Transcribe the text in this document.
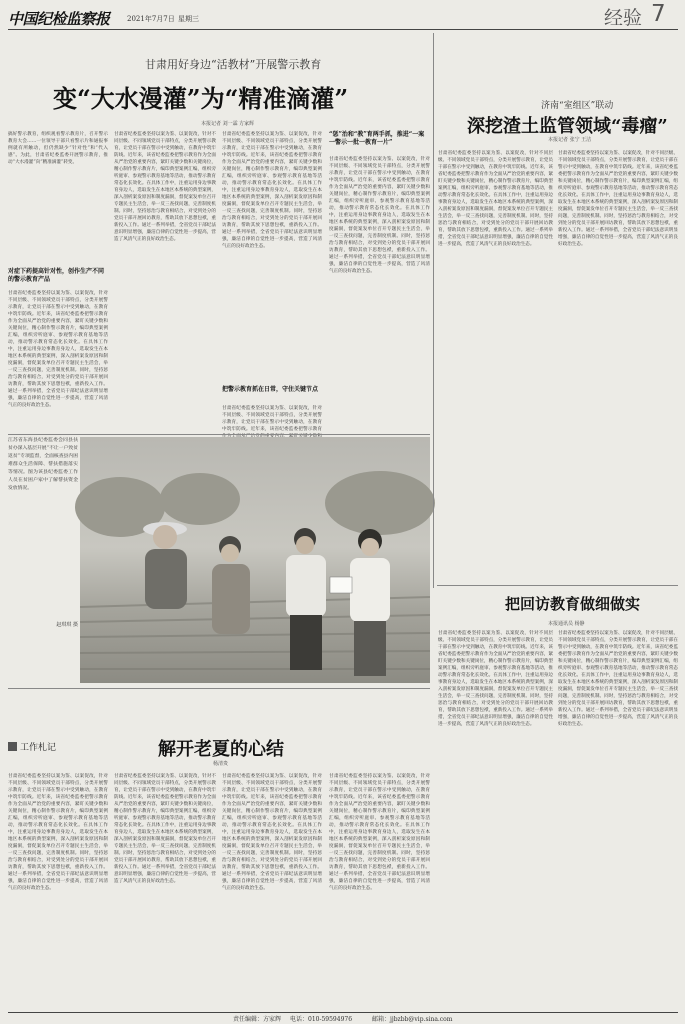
中国纪检监察报 2021年7月7日 星期三	经验 7
甘肃用好身边“活教材”开展警示教育
变“大水漫灌”为“精准滴灌”
本报记者 刘一霖 方家辉
搞好警示教育，组织观看警示教育片，召开警示教育大会……一位领导干部只看警示片和通报事例就有所触动，但仍然缺少“针对性”和“代入感”。为此，甘肃省纪委监委开展警示教育，推动“大水漫灌”向“精准滴灌”转变。
对症下药提高针对性，创作生产不同的警示教育产品
甘肃省纪委监委坚持以案为鉴、以案促改，针对不同层级、不同领域党员干部特点，分类开展警示教育，让党员干部在警示中受到触动，在教育中筑牢防线。近年来，该省纪委监委把警示教育作为全面从严治党的重要内容，紧盯关键少数和关键岗位，精心制作警示教育片，编印典型案例汇编，组织旁听庭审、参观警示教育基地等活动，推动警示教育常态化长效化。在具体工作中，注重运用身边事教育身边人，选取发生在本地区本系统的典型案例，深入剖析案发原因和制度漏洞，督促案发单位召开专题民主生活会，举一反三查找问题，完善制度机制。同时，坚持惩治与教育相结合，对受到处分的党员干部开展回访教育，帮助其放下思想包袱，重新投入工作。通过一系列举措，全省党员干部纪法意识明显增强，廉洁自律的自觉性进一步提高，营造了风清气正的良好政治生态。
甘肃省纪委监委坚持以案为鉴、以案促改，针对不同层级、不同领域党员干部特点，分类开展警示教育，让党员干部在警示中受到触动，在教育中筑牢防线。近年来，该省纪委监委把警示教育作为全面从严治党的重要内容，紧盯关键少数和关键岗位，精心制作警示教育片，编印典型案例汇编，组织旁听庭审、参观警示教育基地等活动，推动警示教育常态化长效化。在具体工作中，注重运用身边事教育身边人，选取发生在本地区本系统的典型案例，深入剖析案发原因和制度漏洞，督促案发单位召开专题民主生活会，举一反三查找问题，完善制度机制。同时，坚持惩治与教育相结合，对受到处分的党员干部开展回访教育，帮助其放下思想包袱，重新投入工作。通过一系列举措，全省党员干部纪法意识明显增强，廉洁自律的自觉性进一步提高，营造了风清气正的良好政治生态。
甘肃省纪委监委坚持以案为鉴、以案促改，针对不同层级、不同领域党员干部特点，分类开展警示教育，让党员干部在警示中受到触动，在教育中筑牢防线。近年来，该省纪委监委把警示教育作为全面从严治党的重要内容，紧盯关键少数和关键岗位，精心制作警示教育片，编印典型案例汇编，组织旁听庭审、参观警示教育基地等活动，推动警示教育常态化长效化。在具体工作中，注重运用身边事教育身边人，选取发生在本地区本系统的典型案例，深入剖析案发原因和制度漏洞，督促案发单位召开专题民主生活会，举一反三查找问题，完善制度机制。同时，坚持惩治与教育相结合，对受到处分的党员干部开展回访教育，帮助其放下思想包袱，重新投入工作。通过一系列举措，全省党员干部纪法意识明显增强，廉洁自律的自觉性进一步提高，营造了风清气正的良好政治生态。
把警示教育抓在日常，守住关键节点
甘肃省纪委监委坚持以案为鉴、以案促改，针对不同层级、不同领域党员干部特点，分类开展警示教育，让党员干部在警示中受到触动，在教育中筑牢防线。近年来，该省纪委监委把警示教育
“惩”治和“教”育两手抓，推进“一案一警示一批一教育一片”
甘肃省纪委监委坚持以案为鉴、以案促改，针对不同层级、不同领域党员干部特点，分类开展警示教育，让党员干部在警示中受到触动，在教育中筑牢防线。近年来，该省纪委监委把警示教育作为全面从严治党的重要内容，紧盯关键少数和关键岗位，精心制作警示教育片，编印典型案例汇编，组织旁听庭审、参观警示教育基地等活动，推动警示教育常态化长效化。在具体工作中，注重运用身边事教育身边人，选取发生在本地区本系统的典型案例，深入剖析案发原因和制度漏洞，督促案发单位召开专题民主生活会，举一反三查找问题，完善制度机制。同时，坚持惩治与教育相结合，对受到处分的党员干部开展回访教育，帮助其放下思想包袱，重新投入工作。通过一系列举措，全省党员干部纪法意识明显增强，廉洁自律的自觉性进一步提高，营造了风清气正的良好政治生态。
江苏省东海县纪委监委会同县扶贫办深入基层开展“不让一户致贫返贫”专项监督，全面核查县内困难群众生活保障、帮扶措施落实等情况。图为该县纪委监委工作人员在贫困户家中了解帮扶资金发放情况。
赵琪琪 摄
济南“室组区”联动
深挖渣土监管领域“毒瘤”
本报记者 张宁 王洁
甘肃省纪委监委坚持以案为鉴、以案促改，针对不同层级、不同领域党员干部特点，分类开展警示教育，让党员干部在警示中受到触动，在教育中筑牢防线。近年来，该省纪委监委把警示教育作为全面从严治党的重要内容，紧盯关键少数和关键岗位，精心制作警示教育片，编印典型案例汇编，组织旁听庭审、参观警示教育基地等活动，推动警示教育常态化长效化。在具体工作中，注重运用身边事教育身边人，选取发生在本地区本系统的典型案例，深入剖析案发原因和制度漏洞，督促案发单位召开专题民主生活会，举一反三查找问题，完善制度机制。同时，坚持惩治与教育相结合，对受到处分的党员干部开展回访教育，帮助其放下思想包袱，重新投入工作。通过一系列举措，全省党员干部纪法意识明显增强，廉洁自律的自觉性进一步提高，营造了风清气正的良好政治生态。
甘肃省纪委监委坚持以案为鉴、以案促改，针对不同层级、不同领域党员干部特点，分类开展警示教育，让党员干部在警示中受到触动，在教育中筑牢防线。近年来，该省纪委监委把警示教育作为全面从严治党的重要内容，紧盯关键少数和关键岗位，精心制作警示教育片，编印典型案例汇编，组织旁听庭审、参观警示教育基地等活动，推动警示教育常态化长效化。在具体工作中，注重运用身边事教育身边人，选取发生在本地区本系统的典型案例，深入剖析案发原因和制度漏洞，督促案发单位召开专题民主生活会，举一反三查找问题，完善制度机制。同时，坚持惩治与教育相结合，对受到处分的党员干部开展回访教育，帮助其放下思想包袱，重新投入工作。通过一系列举措，全省党员干部纪法意识明显增强，廉洁自律的自觉性进一步提高，营造了风清气正的良好政治生态。
把回访教育做细做实
本报通讯员 杨静
甘肃省纪委监委坚持以案为鉴、以案促改，针对不同层级、不同领域党员干部特点，分类开展警示教育，让党员干部在警示中受到触动，在教育中筑牢防线。近年来，该省纪委监委把警示教育作为全面从严治党的重要内容，紧盯关键少数和关键岗位，精心制作警示教育片，编印典型案例汇编，组织旁听庭审、参观警示教育基地等活动，推动警示教育常态化长效化。在具体工作中，注重运用身边事教育身边人，选取发生在本地区本系统的典型案例，深入剖析案发原因和制度漏洞，督促案发单位召开专题民主生活会，举一反三查找问题，完善制度机制。同时，坚持惩治与教育相结合，对受到处分的党员干部开展回访教育，帮助其放下思想包袱，重新投入工作。通过一系列举措，全省党员干部纪法意识明显增强，廉洁自律的自觉性进一步提高，营造了风清气正的良好政治生态。
甘肃省纪委监委坚持以案为鉴、以案促改，针对不同层级、不同领域党员干部特点，分类开展警示教育，让党员干部在警示中受到触动，在教育中筑牢防线。近年来，该省纪委监委把警示教育作为全面从严治党的重要内容，紧盯关键少数和关键岗位，精心制作警示教育片，编印典型案例汇编，组织旁听庭审、参观警示教育基地等活动，推动警示教育常态化长效化。在具体工作中，注重运用身边事教育身边人，选取发生在本地区本系统的典型案例，深入剖析案发原因和制度漏洞，督促案发单位召开专题民主生活会，举一反三查找问题，完善制度机制。同时，坚持惩治与教育相结合，对受到处分的党员干部开展回访教育，帮助其放下思想包袱，重新投入工作。通过一系列举措，全省党员干部纪法意识明显增强，廉洁自律的自觉性进一步提高，营造了风清气正的良好政治生态。
工作札记	解开老夏的心结
杨清贵
甘肃省纪委监委坚持以案为鉴、以案促改，针对不同层级、不同领域党员干部特点，分类开展警示教育，让党员干部在警示中受到触动，在教育中筑牢防线。近年来，该省纪委监委把警示教育作为全面从严治党的重要内容，紧盯关键少数和关键岗位，精心制作警示教育片，编印典型案例汇编，组织旁听庭审、参观警示教育基地等活动，推动警示教育常态化长效化。在具体工作中，注重运用身边事教育身边人，选取发生在本地区本系统的典型案例，深入剖析案发原因和制度漏洞，督促案发单位召开专题民主生活会，举一反三查找问题，完善制度机制。同时，坚持惩治与教育相结合，对受到处分的党员干部开展回访教育，帮助其放下思想包袱，重新投入工作。通过一系列举措，全省党员干部纪法意识明显增强，廉洁自律的自觉性进一步提高，营造了风清气正的良好政治生态。
甘肃省纪委监委坚持以案为鉴、以案促改，针对不同层级、不同领域党员干部特点，分类开展警示教育，让党员干部在警示中受到触动，在教育中筑牢防线。近年来，该省纪委监委把警示教育作为全面从严治党的重要内容，紧盯关键少数和关键岗位，精心制作警示教育片，编印典型案例汇编，组织旁听庭审、参观警示教育基地等活动，推动警示教育常态化长效化。在具体工作中，注重运用身边事教育身边人，选取发生在本地区本系统的典型案例，深入剖析案发原因和制度漏洞，督促案发单位召开专题民主生活会，举一反三查找问题，完善制度机制。同时，坚持惩治与教育相结合，对受到处分的党员干部开展回访教育，帮助其放下思想包袱，重新投入工作。通过一系列举措，全省党员干部纪法意识明显增强，廉洁自律的自觉性进一步提高，营造了风清气正的良好政治生态。
甘肃省纪委监委坚持以案为鉴、以案促改，针对不同层级、不同领域党员干部特点，分类开展警示教育，让党员干部在警示中受到触动，在教育中筑牢防线。近年来，该省纪委监委把警示教育作为全面从严治党的重要内容，紧盯关键少数和关键岗位，精心制作警示教育片，编印典型案例汇编，组织旁听庭审、参观警示教育基地等活动，推动警示教育常态化长效化。在具体工作中，注重运用身边事教育身边人，选取发生在本地区本系统的典型案例，深入剖析案发原因和制度漏洞，督促案发单位召开专题民主生活会，举一反三查找问题，完善制度机制。同时，坚持惩治与教育相结合，对受到处分的党员干部开展回访教育，帮助其放下思想包袱，重新投入工作。通过一系列举措，全省党员干部纪法意识明显增强，廉洁自律的自觉性进一步提高，营造了风清气正的良好政治生态。
甘肃省纪委监委坚持以案为鉴、以案促改，针对不同层级、不同领域党员干部特点，分类开展警示教育，让党员干部在警示中受到触动，在教育中筑牢防线。近年来，该省纪委监委把警示教育作为全面从严治党的重要内容，紧盯关键少数和关键岗位，精心制作警示教育片，编印典型案例汇编，组织旁听庭审、参观警示教育基地等活动，推动警示教育常态化长效化。在具体工作中，注重运用身边事教育身边人，选取发生在本地区本系统的典型案例，深入剖析案发原因和制度漏洞，督促案发单位召开专题民主生活会，举一反三查找问题，完善制度机制。同时，坚持惩治与教育相结合，对受到处分的党员干部开展回访教育，帮助其放下思想包袱，重新投入工作。通过一系列举措，全省党员干部纪法意识明显增强，廉洁自律的自觉性进一步提高，营造了风清气正的良好政治生态。
责任编辑：方家辉 电话：010-59594976	邮箱：jjbzbb@vip.sina.com
